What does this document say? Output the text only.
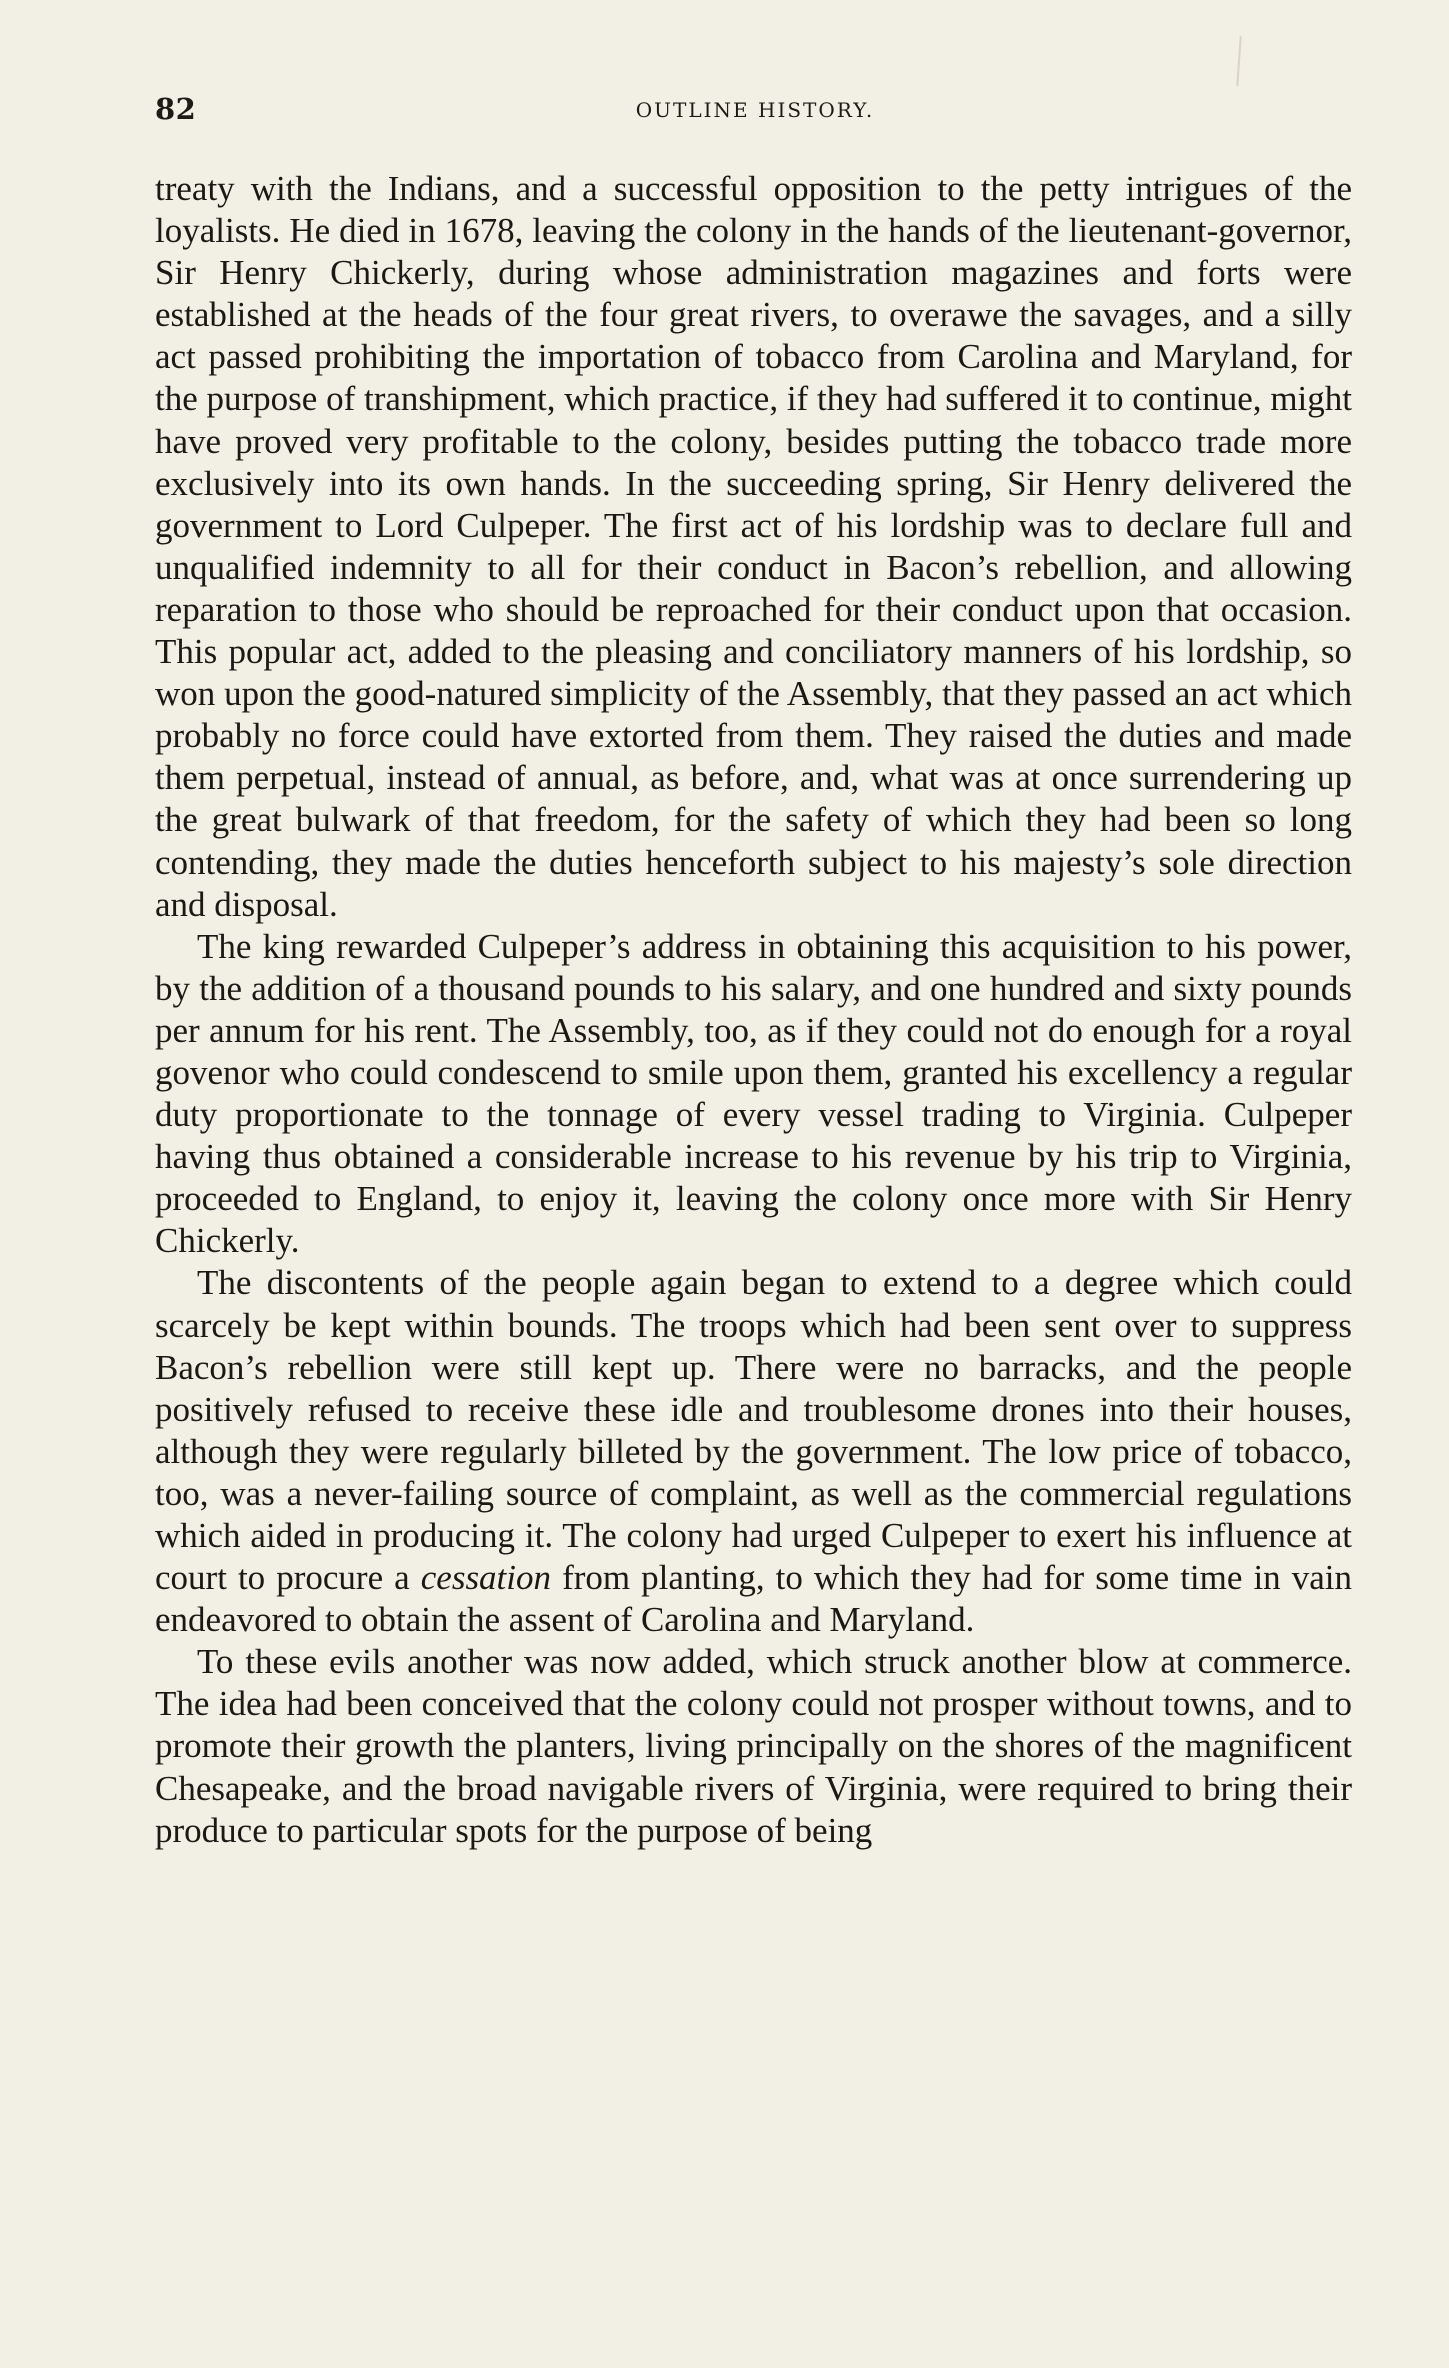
82	OUTLINE HISTORY.

treaty with the Indians, and a successful opposition to the petty intrigues of the loyalists. He died in 1678, leaving the colony in the hands of the lieutenant-governor, Sir Henry Chickerly, during whose administration magazines and forts were established at the heads of the four great rivers, to overawe the savages, and a silly act passed prohibiting the importation of tobacco from Carolina and Maryland, for the purpose of transhipment, which practice, if they had suffered it to continue, might have proved very profitable to the colony, besides putting the tobacco trade more exclusively into its own hands. In the succeeding spring, Sir Henry delivered the government to Lord Culpeper. The first act of his lordship was to declare full and unqualified indemnity to all for their conduct in Bacon’s rebellion, and allowing reparation to those who should be reproached for their conduct upon that occasion. This popular act, added to the pleasing and conciliatory manners of his lordship, so won upon the good-natured simplicity of the Assembly, that they passed an act which probably no force could have extorted from them. They raised the duties and made them perpetual, instead of annual, as before, and, what was at once surrendering up the great bulwark of that freedom, for the safety of which they had been so long contending, they made the duties henceforth subject to his majesty’s sole direction and disposal.

The king rewarded Culpeper’s address in obtaining this acquisition to his power, by the addition of a thousand pounds to his salary, and one hundred and sixty pounds per annum for his rent. The Assembly, too, as if they could not do enough for a royal govenor who could condescend to smile upon them, granted his excellency a regular duty proportionate to the tonnage of every vessel trading to Virginia. Culpeper having thus obtained a considerable increase to his revenue by his trip to Virginia, proceeded to England, to enjoy it, leaving the colony once more with Sir Henry Chickerly.

The discontents of the people again began to extend to a degree which could scarcely be kept within bounds. The troops which had been sent over to suppress Bacon’s rebellion were still kept up. There were no barracks, and the people positively refused to receive these idle and troublesome drones into their houses, although they were regularly billeted by the government. The low price of tobacco, too, was a never-failing source of complaint, as well as the commercial regulations which aided in producing it. The colony had urged Culpeper to exert his influence at court to procure a cessation from planting, to which they had for some time in vain endeavored to obtain the assent of Carolina and Maryland.

To these evils another was now added, which struck another blow at commerce. The idea had been conceived that the colony could not prosper without towns, and to promote their growth the planters, living principally on the shores of the magnificent Chesapeake, and the broad navigable rivers of Virginia, were required to bring their produce to particular spots for the purpose of being
